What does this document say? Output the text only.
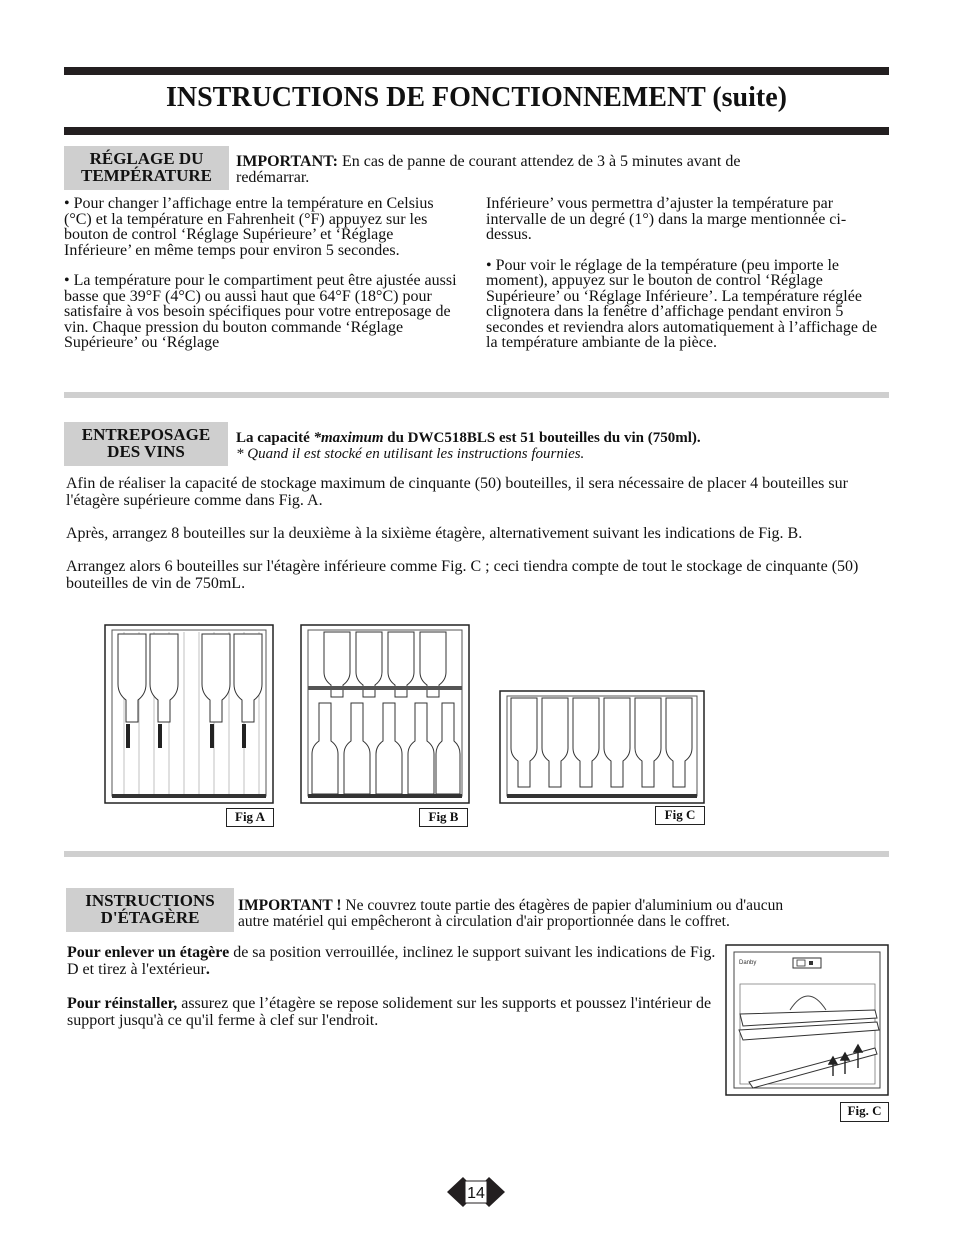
INSTRUCTIONS DE FONCTIONNEMENT (suite)
RÉGLAGE DU
TEMPÉRATURE
IMPORTANT: En cas de panne de courant attendez de 3 à 5 minutes avant de
redémarrar.

• Pour changer l’affichage entre la température en Celsius (°C) et la température en Fahrenheit (°F) appuyez sur les bouton de control ‘Réglage Supérieure’ et ‘Réglage Inférieure’ en même temps pour environ 5 secondes.

• La température pour le compartiment peut être ajustée aussi basse que 39°F (4°C) ou aussi haut que 64°F (18°C) pour satisfaire à vos besoin spécifiques pour votre entreposage de vin. Chaque pression du bouton commande ‘Réglage Supérieure’ ou ‘Réglage

Inférieure’ vous permettra d’ajuster la température par intervalle de un degré (1°) dans la marge mentionnée ci-dessus.

• Pour voir le réglage de la température (peu importe le moment), appuyez sur le bouton de control ‘Réglage Supérieure’ ou ‘Réglage Inférieure’. La température réglée clignotera dans la fenêtre d’affichage pendant environ 5 secondes et reviendra alors automatiquement à l’affichage de la température ambiante de la pièce.

ENTREPOSAGE
DES VINS
La capacité *maximum du DWC518BLS est 51 bouteilles du vin (750ml).
* Quand il est stocké en utilisant les instructions fournies.

Afin de réaliser la capacité de stockage maximum de cinquante (50) bouteilles, il sera nécessaire de placer 4 bouteilles sur l'étagère supérieure comme dans Fig. A.

Après, arrangez 8 bouteilles sur la deuxième à la sixième étagère, alternativement suivant les indications de Fig. B.

Arrangez alors 6 bouteilles sur l'étagère inférieure comme Fig. C ; ceci tiendra compte de tout le stockage de cinquante (50) bouteilles de vin de 750mL.

Fig A	Fig B	Fig C
INSTRUCTIONS
D'ÉTAGÈRE
IMPORTANT ! Ne couvrez toute partie des étagères de papier d'aluminium ou d'aucun
autre matériel qui empêcheront à circulation d'air proportionnée dans le coffret.

Pour enlever un étagère de sa position verrouillée, inclinez le support suivant les indications de Fig. D et tirez à l'extérieur.

Pour réinstaller, assurez que l’étagère se repose solidement sur les supports et poussez l'intérieur de support jusqu'à ce qu'il ferme à clef sur l'endroit.

Danby
Fig. C
14
